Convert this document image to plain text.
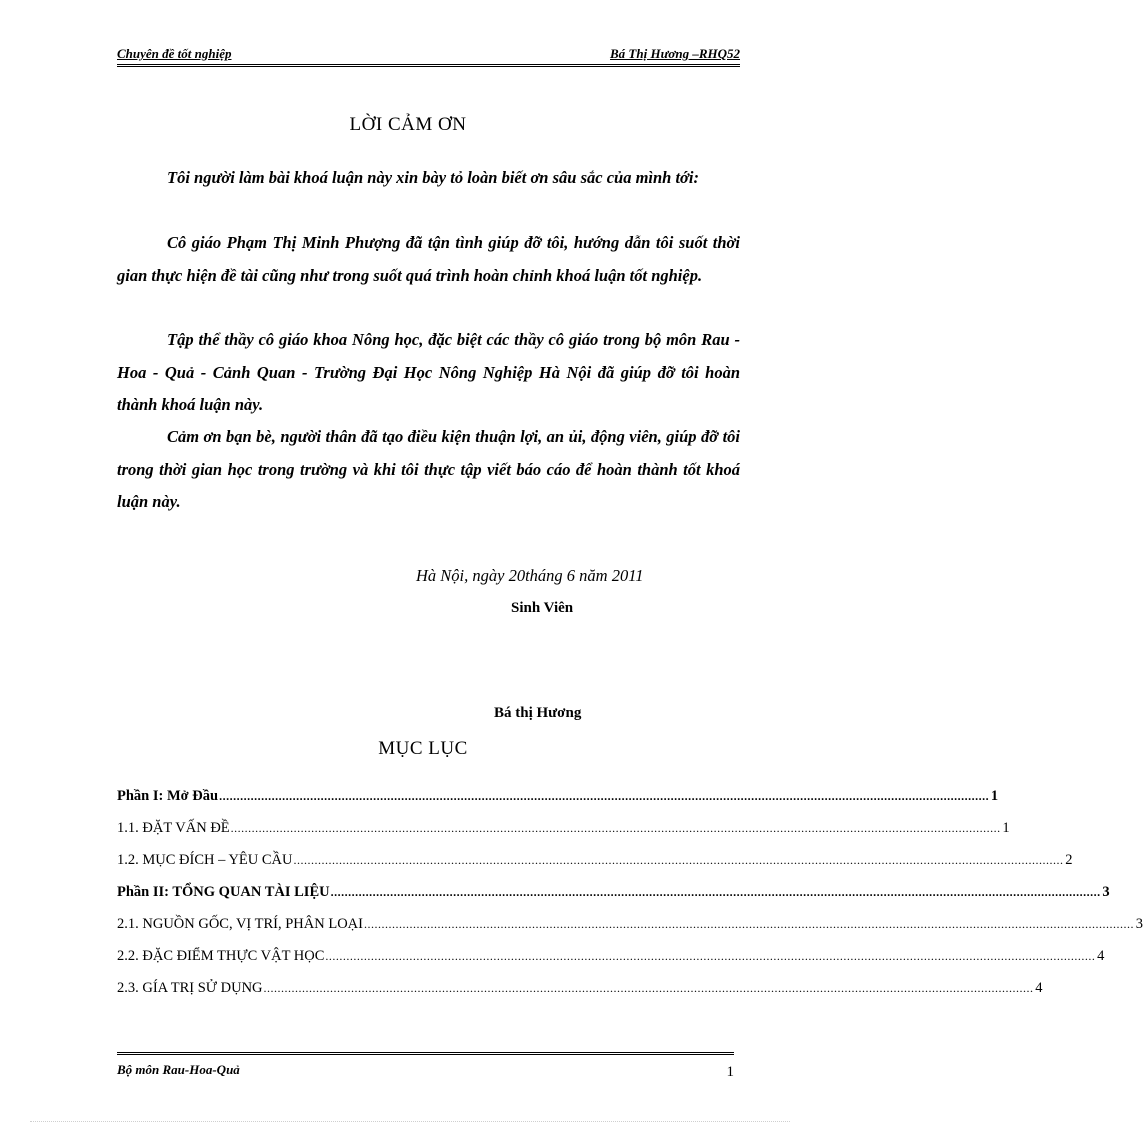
Chuyên đề tốt nghiệp	Bá Thị Hương –RHQ52
LỜI CẢM ƠN

Tôi người làm bài khoá luận này xin bày tỏ loàn biết ơn sâu sắc của mình tới:

Cô giáo Phạm Thị Minh Phượng đã tận tình giúp đỡ tôi, hướng dẫn tôi suốt thời gian thực hiện đề tài cũng như trong suốt quá trình hoàn chỉnh khoá luận tốt nghiệp.

Tập thể thầy cô giáo khoa Nông học, đặc biệt các thầy cô giáo trong bộ môn Rau - Hoa - Quả - Cảnh Quan - Trường Đại Học Nông Nghiệp Hà Nội đã giúp đỡ tôi hoàn thành khoá luận này.

Cảm ơn bạn bè, người thân đã tạo điều kiện thuận lợi, an ủi, động viên, giúp đỡ tôi trong thời gian học trong trường và khi tôi thực tập viết báo cáo để hoàn thành tốt khoá luận này.

Hà Nội, ngày 20tháng 6 năm 2011
Sinh Viên
Bá thị Hương
MỤC LỤC
Phần I: Mở Đầu ............................................................................................................................................................................................................................ 1
1.1. ĐẶT VẤN ĐỀ ............................................................................................................................................................................................................................ 1
1.2. MỤC ĐÍCH – YÊU CẦU ............................................................................................................................................................................................................................ 2
Phần II: TỔNG QUAN TÀI LIỆU ............................................................................................................................................................................................................................ 3
2.1. NGUỒN GỐC, VỊ TRÍ, PHÂN LOẠI ............................................................................................................................................................................................................................ 3
2.2. ĐẶC ĐIỂM THỰC VẬT HỌC ............................................................................................................................................................................................................................ 4
2.3. GÍA TRỊ SỬ DỤNG ............................................................................................................................................................................................................................ 4
Bộ môn Rau-Hoa-Quả	1
